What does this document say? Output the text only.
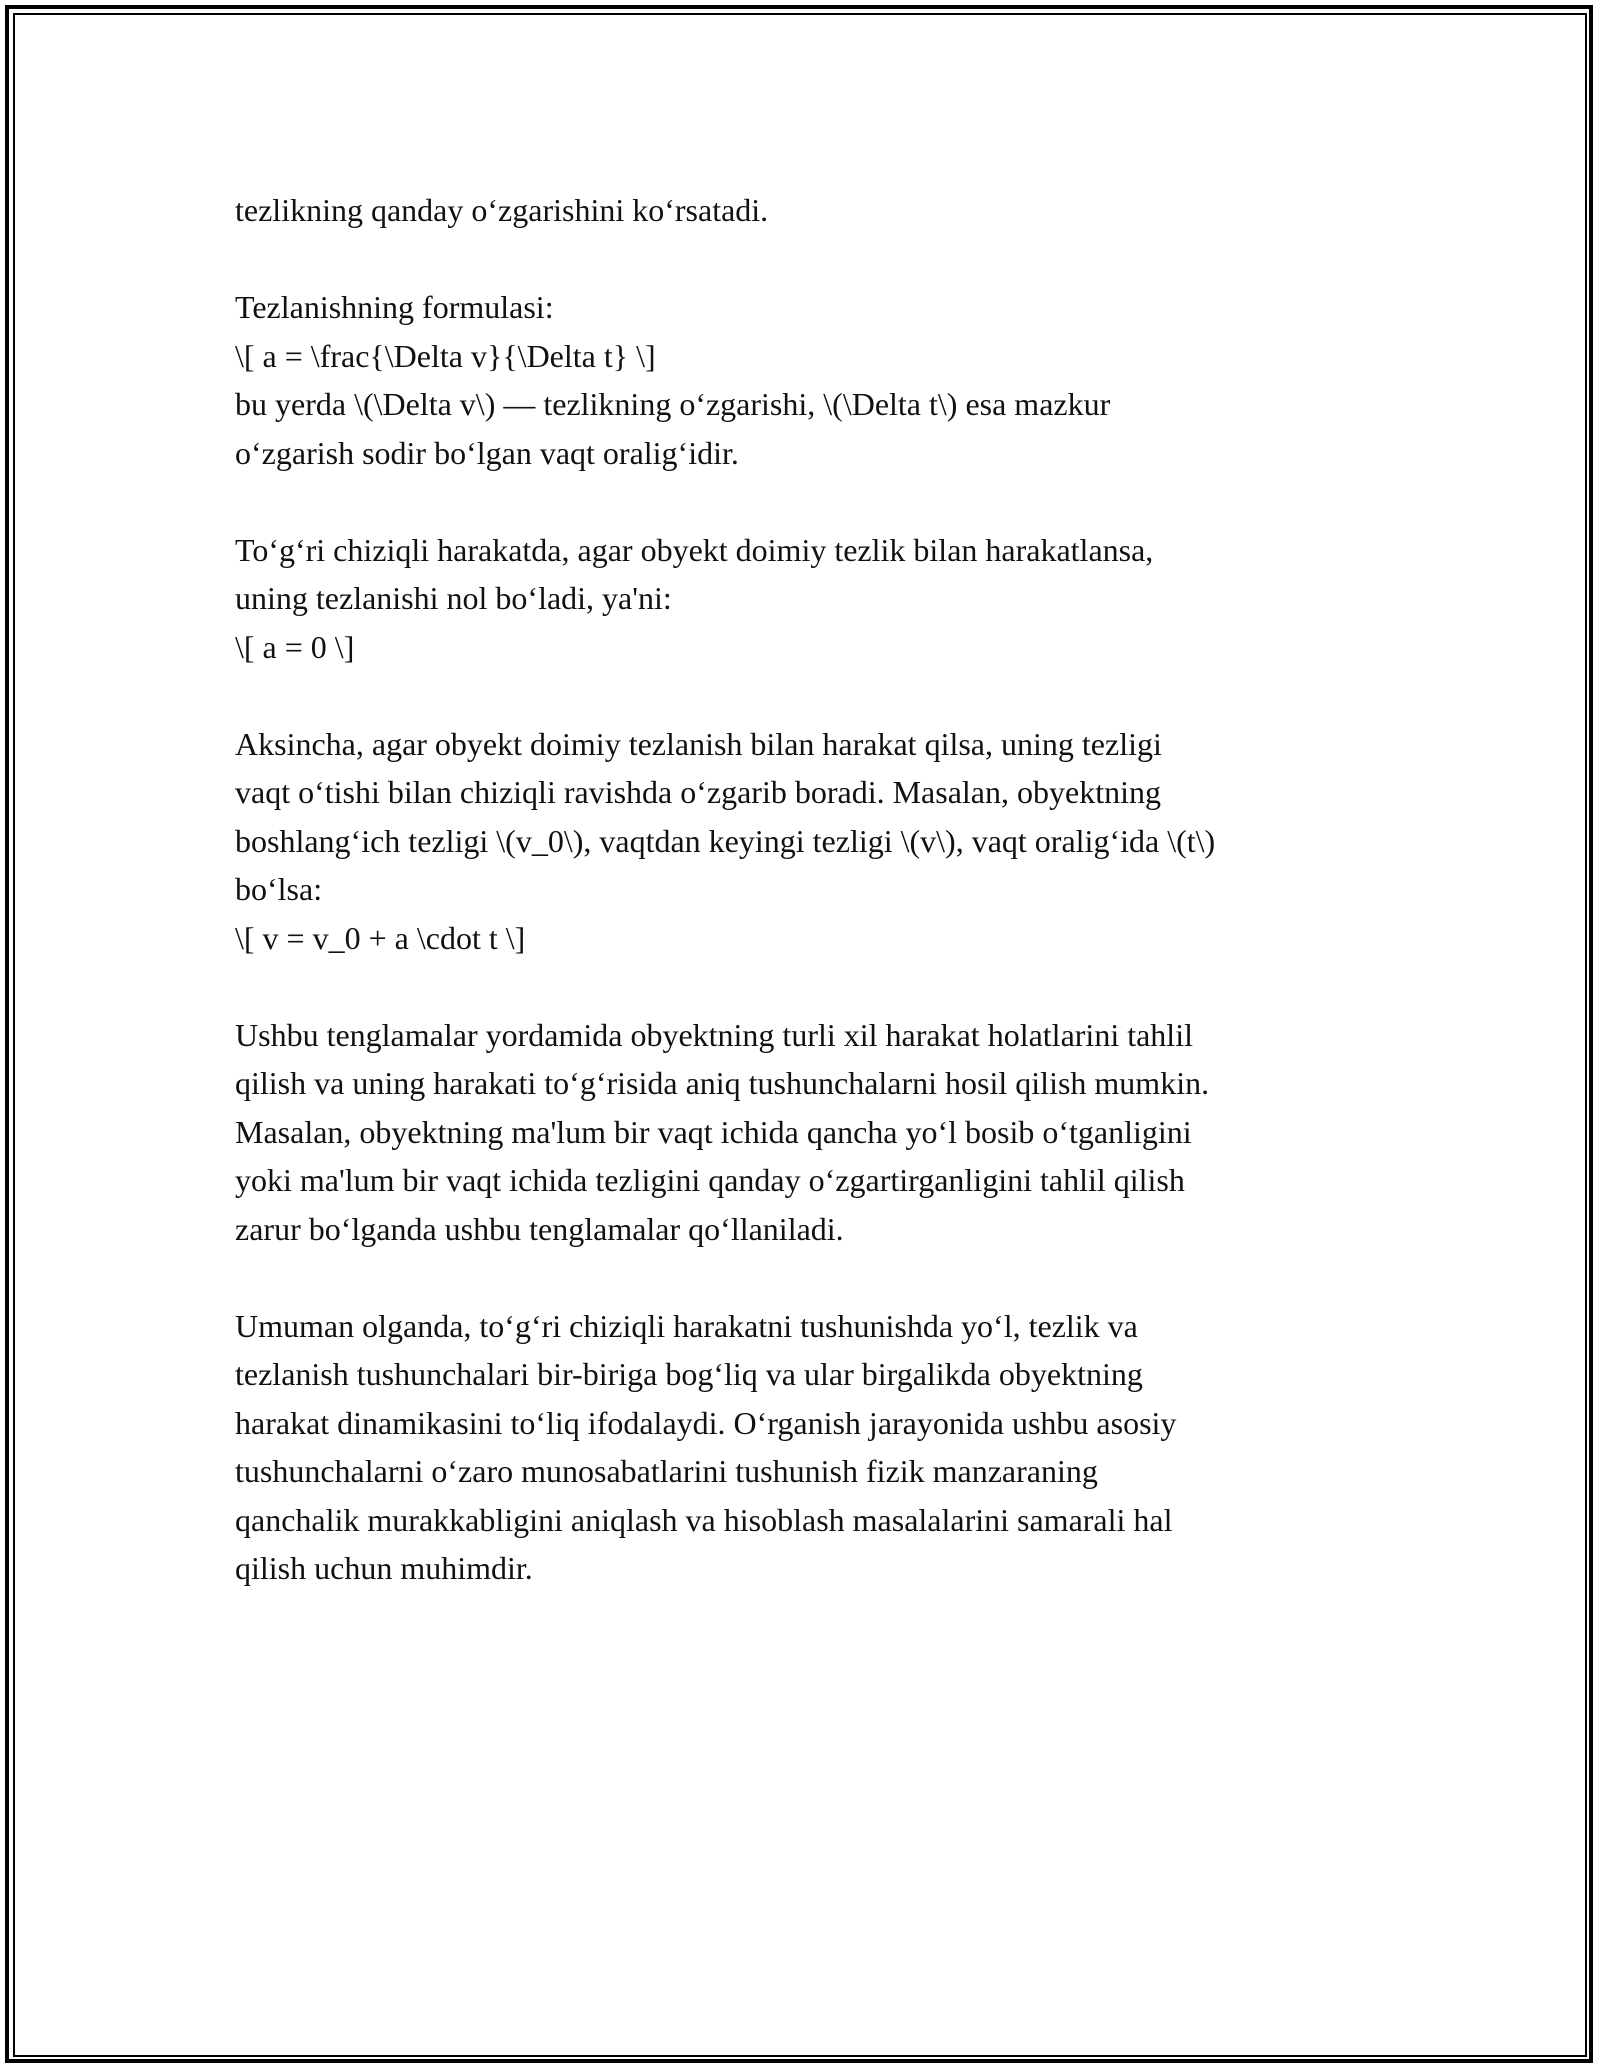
tezlikning qanday o‘zgarishini ko‘rsatadi.
Tezlanishning formulasi:
\[ a = \frac{\Delta v}{\Delta t} \]
bu yerda \(\Delta v\) — tezlikning o‘zgarishi, \(\Delta t\) esa mazkur
o‘zgarish sodir bo‘lgan vaqt oralig‘idir.
To‘g‘ri chiziqli harakatda, agar obyekt doimiy tezlik bilan harakatlansa,
uning tezlanishi nol bo‘ladi, ya'ni:
\[ a = 0 \]
Aksincha, agar obyekt doimiy tezlanish bilan harakat qilsa, uning tezligi
vaqt o‘tishi bilan chiziqli ravishda o‘zgarib boradi. Masalan, obyektning
boshlang‘ich tezligi \(v_0\), vaqtdan keyingi tezligi \(v\), vaqt oralig‘ida \(t\)
bo‘lsa:
\[ v = v_0 + a \cdot t \]
Ushbu tenglamalar yordamida obyektning turli xil harakat holatlarini tahlil
qilish va uning harakati to‘g‘risida aniq tushunchalarni hosil qilish mumkin.
Masalan, obyektning ma'lum bir vaqt ichida qancha yo‘l bosib o‘tganligini
yoki ma'lum bir vaqt ichida tezligini qanday o‘zgartirganligini tahlil qilish
zarur bo‘lganda ushbu tenglamalar qo‘llaniladi.
Umuman olganda, to‘g‘ri chiziqli harakatni tushunishda yo‘l, tezlik va
tezlanish tushunchalari bir-biriga bog‘liq va ular birgalikda obyektning
harakat dinamikasini to‘liq ifodalaydi. O‘rganish jarayonida ushbu asosiy
tushunchalarni o‘zaro munosabatlarini tushunish fizik manzaraning
qanchalik murakkabligini aniqlash va hisoblash masalalarini samarali hal
qilish uchun muhimdir.
